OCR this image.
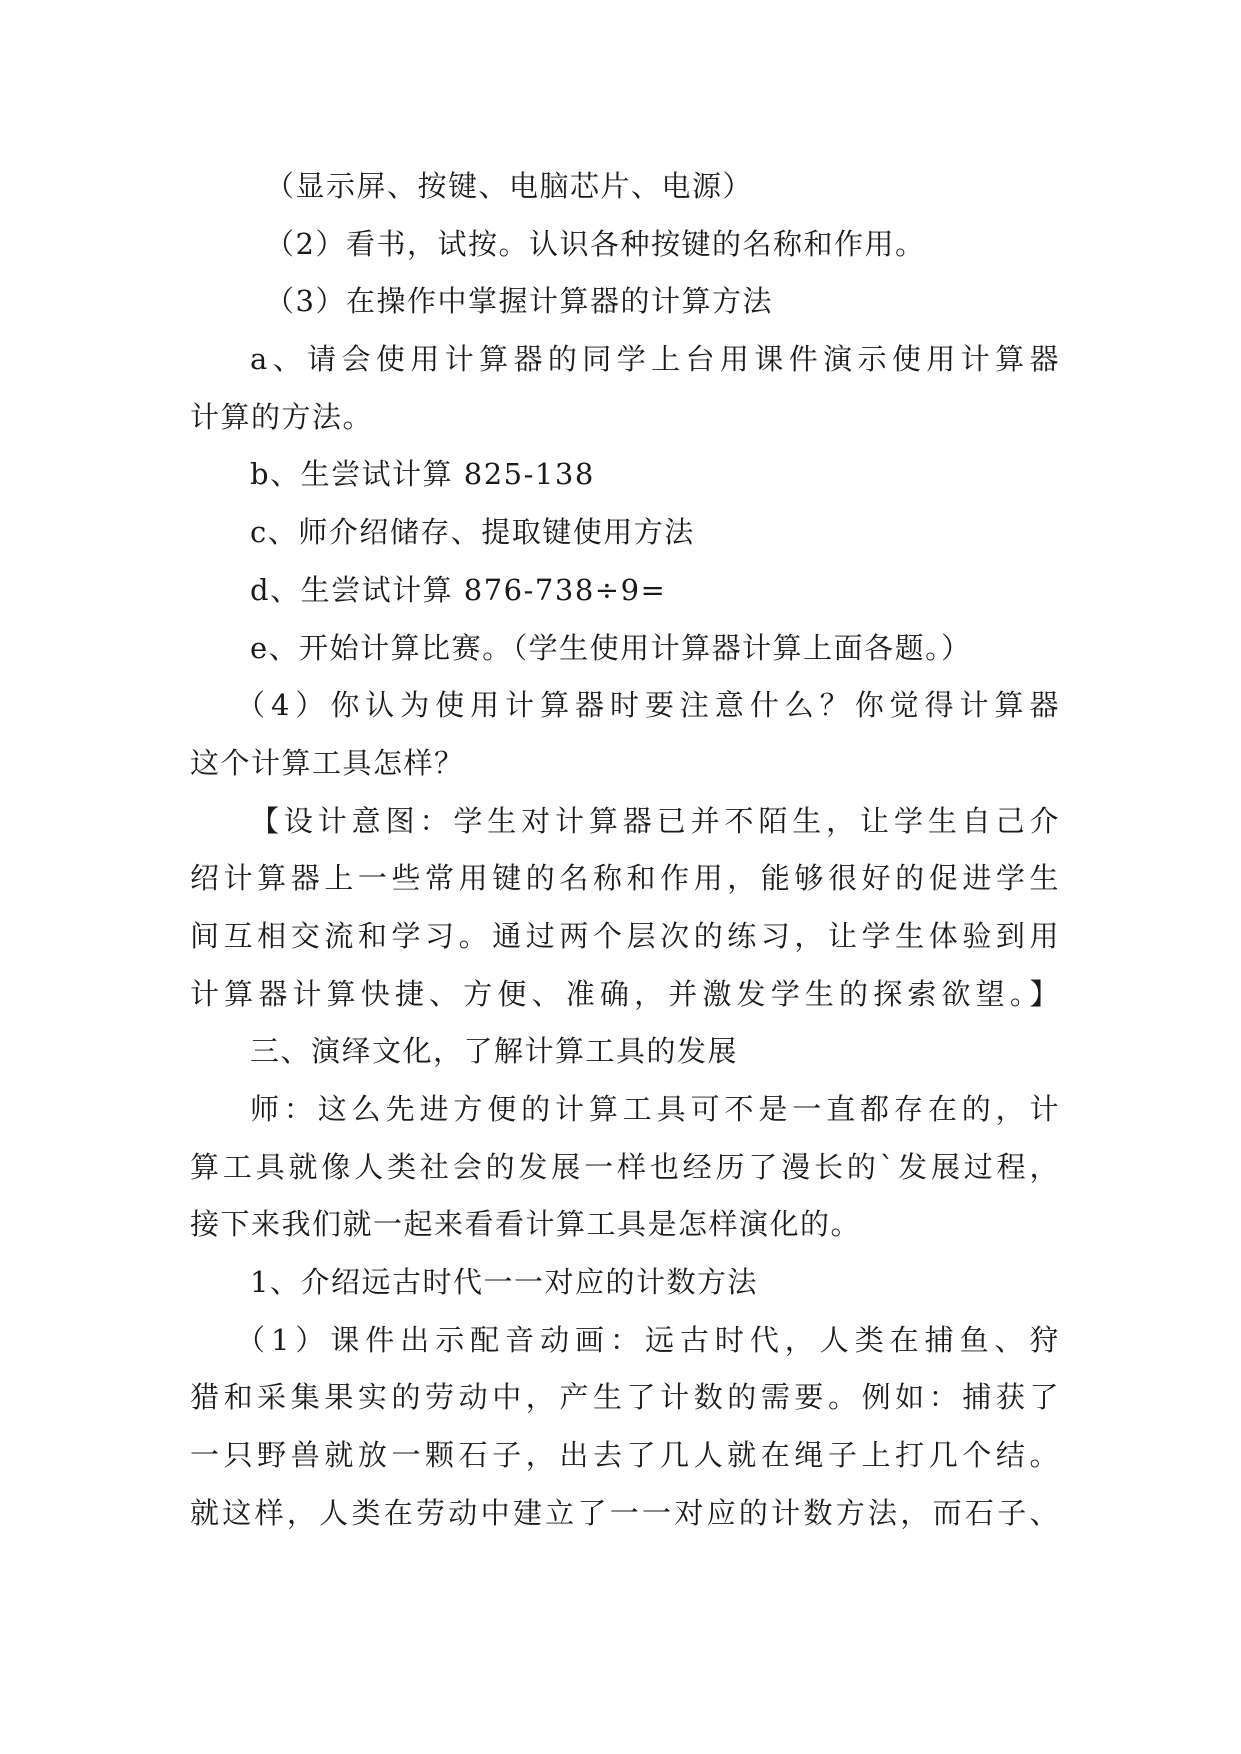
（显示屏、按键、电脑芯片、电源）
（2）看书，试按。认识各种按键的名称和作用。
（3）在操作中掌握计算器的计算方法
a、请会使用计算器的同学上台用课件演示使用计算器
计算的方法。
b、生尝试计算 825-138
c、师介绍储存、提取键使用方法
d、生尝试计算 876-738÷9=
e、开始计算比赛。（学生使用计算器计算上面各题。）
（4）你认为使用计算器时要注意什么？你觉得计算器
这个计算工具怎样？
【设计意图：学生对计算器已并不陌生，让学生自己介
绍计算器上一些常用键的名称和作用，能够很好的促进学生
间互相交流和学习。通过两个层次的练习，让学生体验到用
计算器计算快捷、方便、准确，并激发学生的探索欲望。】
三、演绎文化，了解计算工具的发展
师：这么先进方便的计算工具可不是一直都存在的，计
算工具就像人类社会的发展一样也经历了漫长的`发展过程，
接下来我们就一起来看看计算工具是怎样演化的。
1、介绍远古时代一一对应的计数方法
（1）课件出示配音动画：远古时代，人类在捕鱼、狩
猎和采集果实的劳动中，产生了计数的需要。例如：捕获了
一只野兽就放一颗石子，出去了几人就在绳子上打几个结。
就这样，人类在劳动中建立了一一对应的计数方法，而石子、
